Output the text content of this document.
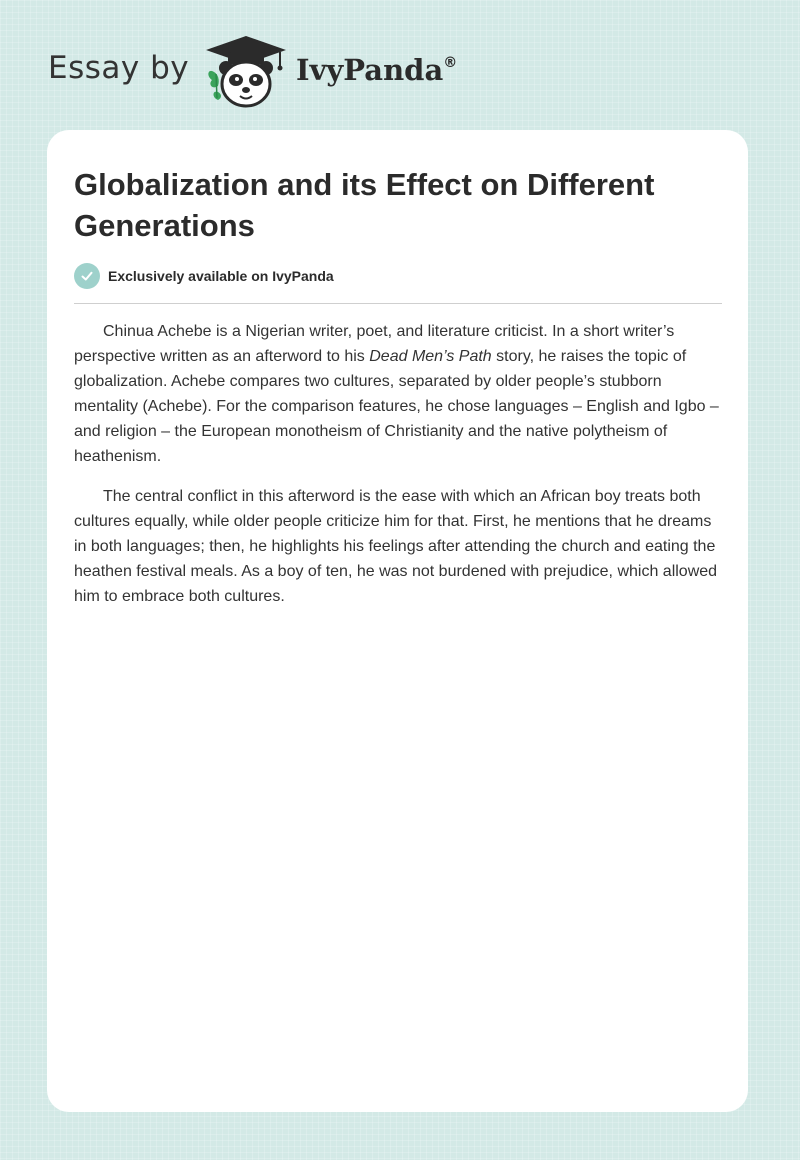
Essay by	IvyPanda®
Globalization and its Effect on Different Generations
Exclusively available on IvyPanda

Chinua Achebe is a Nigerian writer, poet, and literature criticist. In a short writer’s perspective written as an afterword to his Dead Men’s Path story, he raises the topic of globalization. Achebe compares two cultures, separated by older people’s stubborn mentality (Achebe). For the comparison features, he chose languages – English and Igbo – and religion – the European monotheism of Christianity and the native polytheism of heathenism.

The central conflict in this afterword is the ease with which an African boy treats both cultures equally, while older people criticize him for that. First, he mentions that he dreams in both languages; then, he highlights his feelings after attending the church and eating the heathen festival meals. As a boy of ten, he was not burdened with prejudice, which allowed him to embrace both cultures.
